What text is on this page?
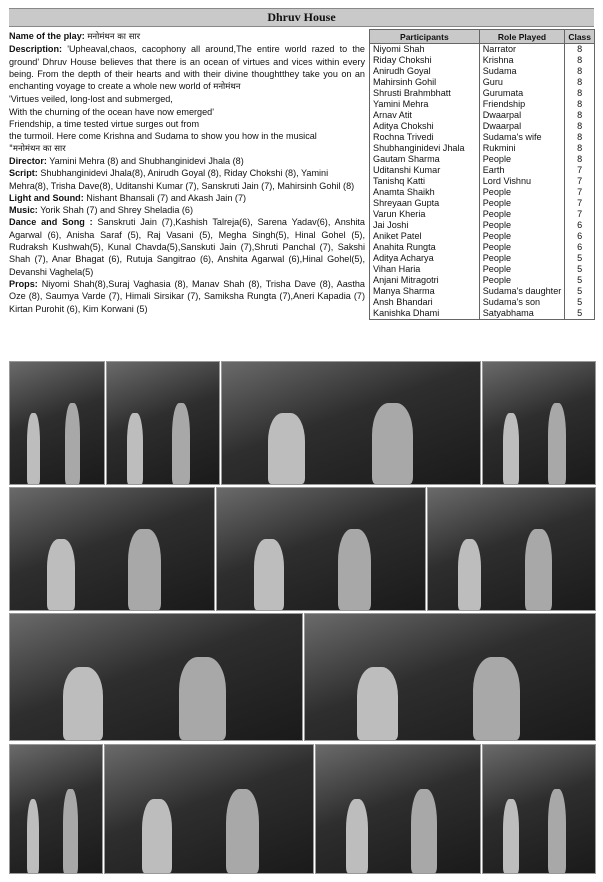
Dhruv House

Name of the play: मनोमंथन का सार

Description: 'Upheaval,chaos, cacophony all around,The entire world razed to the ground' Dhruv House believes that there is an ocean of virtues and vices within every being. From the depth of their hearts and with their divine thoughtthey take you on an enchanting voyage to create a whole new world of मनोमंथन

'Virtues veiled, long-lost and submerged,

With the churning of the ocean have now emerged'

Friendship, a time tested virtue surges out from

the turmoil. Here come Krishna and Sudama to show you how in the musical

"मनोमंथन का सार

Director: Yamini Mehra (8) and Shubhanginidevi Jhala (8)

Script: Shubhanginidevi Jhala(8), Anirudh Goyal (8), Riday Chokshi (8), Yamini Mehra(8), Trisha Dave(8), Uditanshi Kumar (7), Sanskruti Jain (7), Mahirsinh Gohil (8)

Light and Sound: Nishant Bhansali (7) and Akash Jain (7)

Music: Yorik Shah (7) and Shrey Sheladia (6)

Dance and Song : Sanskruti Jain (7),Kashish Talreja(6), Sarena Yadav(6), Anshita Agarwal (6), Anisha Saraf (5), Raj Vasani (5), Megha Singh(5), Hinal Gohel (5), Rudraksh Kushwah(5), Kunal Chavda(5),Sanskuti Jain (7),Shruti Panchal (7), Sakshi Shah (7), Anar Bhagat (6), Rutuja Sangitrao (6), Anshita Agarwal (6),Hinal Gohel(5), Devanshi Vaghela(5)

Props: Niyomi Shah(8),Suraj Vaghasia (8), Manav Shah (8), Trisha Dave (8), Aastha Oze (8), Saumya Varde (7), Himali Sirsikar (7), Samiksha Rungta (7),Aneri Kapadia (7) Kirtan Purohit (6), Kim Korwani (5)

Participants	Role Played	Class
Niyomi Shah	Narrator	8
Riday Chokshi	Krishna	8
Anirudh Goyal	Sudama	8
Mahirsinh Gohil	Guru	8
Shrusti Brahmbhatt	Gurumata	8
Yamini Mehra	Friendship	8
Arnav Atit	Dwaarpal	8
Aditya Chokshi	Dwaarpal	8
Rochna Trivedi	Sudama's wife	8
Shubhanginidevi Jhala	Rukmini	8
Gautam Sharma	People	8
Uditanshi Kumar	Earth	7
Tanishq Katti	Lord Vishnu	7
Anamta Shaikh	People	7
Shreyaan Gupta	People	7
Varun Kheria	People	7
Jai Joshi	People	6
Aniket Patel	People	6
Anahita Rungta	People	6
Aditya Acharya	People	5
Vihan Haria	People	5
Anjani Mitragotri	People	5
Manya Sharma	Sudama's daughter	5
Ansh Bhandari	Sudama's son	5
Kanishka Dhami	Satyabhama	5
